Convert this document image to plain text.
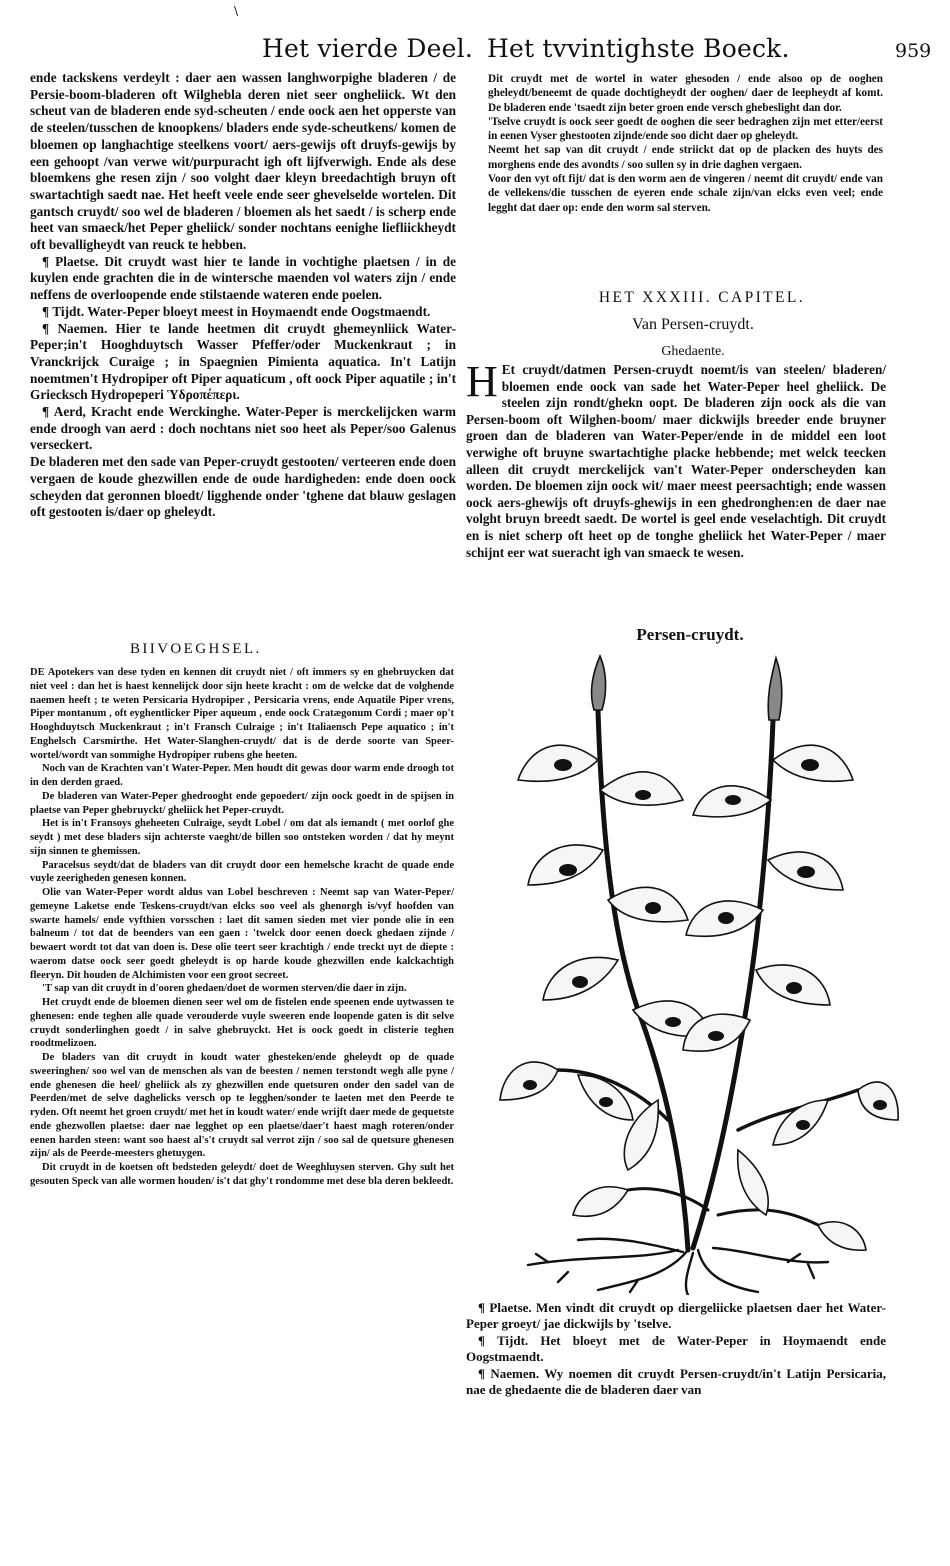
\
Het vierde Deel. Het tvvintighste Boeck.	959

ende tackskens verdeylt : daer aen wassen langhworpighe bladeren / de Persie-boom-bladeren oft Wilghebla deren niet seer ongheliick. Wt den scheut van de bladeren ende syd-scheuten / ende oock aen het opperste van de steelen/tusschen de knoopkens/ bladers ende syde-scheutkens/ komen de bloemen op langhachtige steelkens voort/ aers-gewijs oft druyfs-gewijs by een gehoopt /van verwe wit/purpuracht igh oft lijfverwigh. Ende als dese bloemkens ghe resen zijn / soo volght daer kleyn breedachtigh bruyn oft swartachtigh saedt nae. Het heeft veele ende seer ghevelselde wortelen. Dit gantsch cruydt/ soo wel de bladeren / bloemen als het saedt / is scherp ende heet van smaeck/het Peper gheliick/ sonder nochtans eenighe liefliickheydt oft bevalligheydt van reuck te hebben.

¶ Plaetse. Dit cruydt wast hier te lande in vochtighe plaetsen / in de kuylen ende grachten die in de wintersche maenden vol waters zijn / ende neffens de overloopende ende stilstaende wateren ende poelen.

¶ Tijdt. Water-Peper bloeyt meest in Hoymaendt ende Oogstmaendt.

¶ Naemen. Hier te lande heetmen dit cruydt ghemeynliick Water-Peper;in't Hooghduytsch Wasser Pfeffer/oder Muckenkraut ; in Vranckrijck Curaige ; in Spaegnien Pimienta aquatica. In't Latijn noemtmen't Hydropiper oft Piper aquaticum , oft oock Piper aquatile ; in't Griecksch Hydropeperi Ὑδροπέπερι.

¶ Aerd, Kracht ende Werckinghe. Water-Peper is merckelijcken warm ende droogh van aerd : doch nochtans niet soo heet als Peper/soo Galenus verseckert.

De bladeren met den sade van Peper-cruydt gestooten/ verteeren ende doen vergaen de koude ghezwillen ende de oude hardigheden: ende doen oock scheyden dat geronnen bloedt/ ligghende onder 'tghene dat blauw geslagen oft gestooten is/daer op gheleydt.

Dit cruydt met de wortel in water ghesoden / ende alsoo op de ooghen gheleydt/beneemt de quade dochtigheydt der ooghen/ daer de leepheydt af komt. De bladeren ende 'tsaedt zijn beter groen ende versch ghebeslight dan dor.

'Tselve cruydt is oock seer goedt de ooghen die seer bedraghen zijn met etter/eerst in eenen Vyser ghestooten zijnde/ende soo dicht daer op gheleydt.

Neemt het sap van dit cruydt / ende striickt dat op de placken des huyts des morghens ende des avondts / soo sullen sy in drie daghen vergaen.

Voor den vyt oft fijt/ dat is den worm aen de vingeren / neemt dit cruydt/ ende van de vellekens/die tusschen de eyeren ende schale zijn/van elcks even veel; ende legght dat daer op: ende den worm sal sterven.

HET XXXIII. CAPITEL.
Van Persen-cruydt.
Ghedaente.
H Et cruydt/datmen Persen-cruydt noemt/is van steelen/ bladeren/ bloemen ende oock van sade het Water-Peper heel gheliick. De steelen zijn rondt/ghekn oopt. De bladeren zijn oock als die van Persen-boom oft Wilghen-boom/ maer dickwijls breeder ende bruyner groen dan de bladeren van Water-Peper/ende in de middel een loot verwighe oft bruyne swartachtighe placke hebbende; met welck teecken alleen dit cruydt merckelijck van't Water-Peper onderscheyden kan worden. De bloemen zijn oock wit/ maer meest peersachtigh; ende wassen oock aers-ghewijs oft druyfs-ghewijs in een ghedronghen:en de daer nae volght bruyn breedt saedt. De wortel is geel ende veselachtigh. Dit cruydt en is niet scherp oft heet op de tonghe gheliick het Water-Peper / maer schijnt eer wat sueracht igh van smaeck te wesen.
BIIVOEGHSEL.

DE Apotekers van dese tyden en kennen dit cruydt niet / oft immers sy en ghebruycken dat niet veel : dan het is haest kennelijck door sijn heete kracht : om de welcke dat de volghende naemen heeft ; te weten Persicaria Hydropiper , Persicaria vrens, ende Aquatile Piper vrens, Piper montanum , oft eyghentlicker Piper aqueum , ende oock Cratægonum Cordi ; maer op't Hooghduytsch Muckenkraut ; in't Fransch Culraige ; in't Italiaensch Pepe aquatico ; in't Enghelsch Carsmirthe. Het Water-Slanghen-cruydt/ dat is de derde soorte van Speer-wortel/wordt van sommighe Hydropiper rubens ghe heeten.

Noch van de Krachten van't Water-Peper. Men houdt dit gewas door warm ende droogh tot in den derden graed.

De bladeren van Water-Peper ghedrooght ende gepoedert/ zijn oock goedt in de spijsen in plaetse van Peper ghebruyckt/ gheliick het Peper-cruydt.

Het is in't Fransoys gheheeten Culraige, seydt Lobel / om dat als iemandt ( met oorlof ghe seydt ) met dese bladers sijn achterste vaeght/de billen soo ontsteken worden / dat hy meynt sijn sinnen te ghemissen.

Paracelsus seydt/dat de bladers van dit cruydt door een hemelsche kracht de quade ende vuyle zeerigheden genesen konnen.

Olie van Water-Peper wordt aldus van Lobel beschreven : Neemt sap van Water-Peper/ gemeyne Laketse ende Teskens-cruydt/van elcks soo veel als ghenorgh is/vyf hoofden van swarte hamels/ ende vyfthien vorsschen : laet dit samen sieden met vier ponde olie in een balneum / tot dat de beenders van een gaen : 'twelck door eenen doeck ghedaen zijnde / bewaert wordt tot dat van doen is. Dese olie teert seer krachtigh / ende treckt uyt de diepte : waerom datse oock seer goedt gheleydt is op harde koude ghezwillen ende kalckachtigh fleeryn. Dit houden de Alchimisten voor een groot secreet.

'T sap van dit cruydt in d'ooren ghedaen/doet de wormen sterven/die daer in zijn.

Het cruydt ende de bloemen dienen seer wel om de fistelen ende speenen ende uytwassen te ghenesen: ende teghen alle quade verouderde vuyle sweeren ende loopende gaten is dit selve cruydt sonderlinghen goedt / in salve ghebruyckt. Het is oock goedt in clisterie teghen roodtmelizoen.

De bladers van dit cruydt in koudt water ghesteken/ende gheleydt op de quade sweeringhen/ soo wel van de menschen als van de beesten / nemen terstondt wegh alle pyne / ende ghenesen die heel/ gheliick als zy ghezwillen ende quetsuren onder den sadel van de Peerden/met de selve daghelicks versch op te legghen/sonder te laeten met den Peerde te ryden. Oft neemt het groen cruydt/ met het in koudt water/ ende wrijft daer mede de gequetste ende ghezwollen plaetse: daer nae legghet op een plaetse/daer't haest magh roteren/onder eenen harden steen: want soo haest al's't cruydt sal verrot zijn / soo sal de quetsure ghenesen zijn/ als de Peerde-meesters ghetuygen.

Dit cruydt in de koetsen oft bedsteden geleydt/ doet de Weeghluysen sterven. Ghy sult het gesouten Speck van alle wormen houden/ is't dat ghy't rondomme met dese bla deren bekleedt.

Persen-cruydt.

¶ Plaetse. Men vindt dit cruydt op diergeliicke plaetsen daer het Water-Peper groeyt/ jae dickwijls by 'tselve.

¶ Tijdt. Het bloeyt met de Water-Peper in Hoymaendt ende Oogstmaendt.

¶ Naemen. Wy noemen dit cruydt Persen-cruydt/in't Latijn Persicaria, nae de ghedaente die de bladeren daer van
